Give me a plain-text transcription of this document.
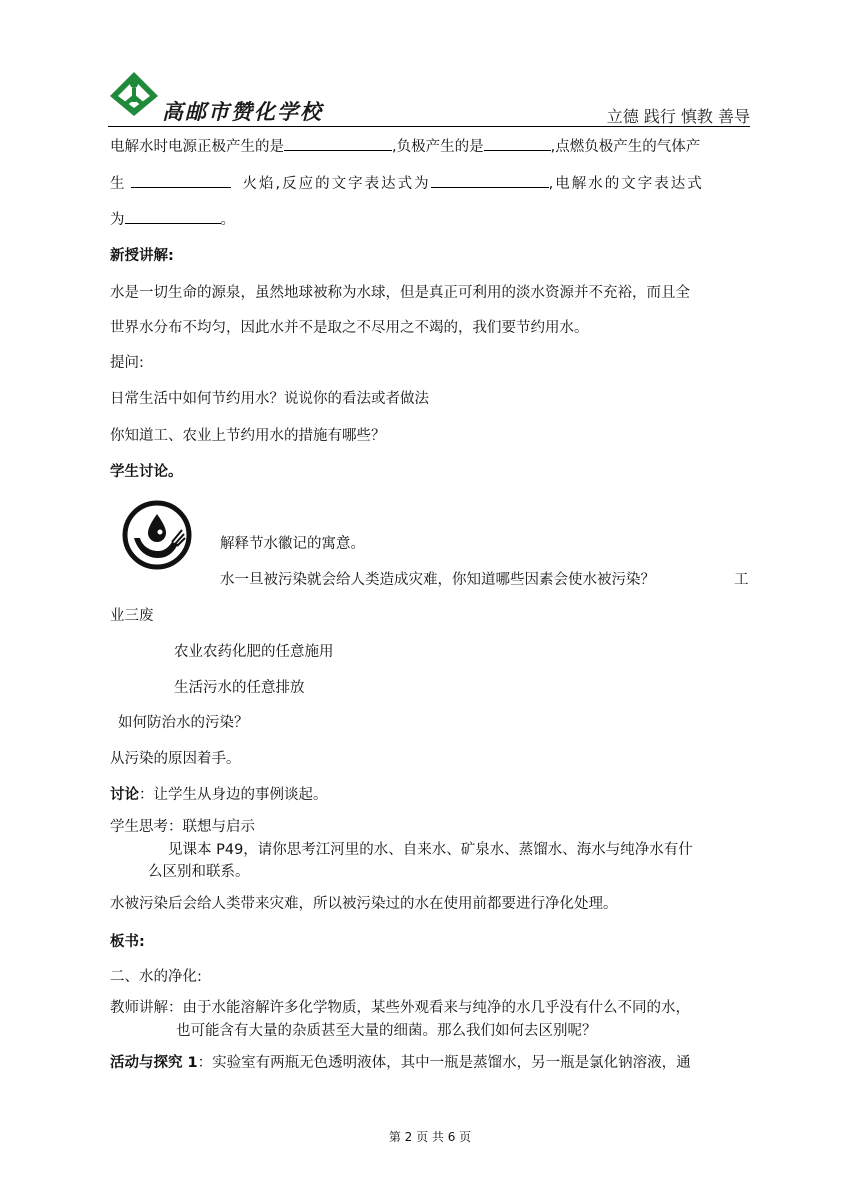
高邮市赞化学校	立德 践行 慎教 善导
电解水时电源正极产生的是	,负极产生的是	,点燃负极产生的气体产
生	火焰,反应的文字表达式为	,电解水的文字表达式
为	。
新授讲解:
水是一切生命的源泉，虽然地球被称为水球，但是真正可利用的淡水资源并不充裕，而且全
世界水分布不均匀，因此水并不是取之不尽用之不竭的，我们要节约用水。
提问:
日常生活中如何节约用水？说说你的看法或者做法
你知道工、农业上节约用水的措施有哪些？
学生讨论。
解释节水徽记的寓意。
水一旦被污染就会给人类造成灾难，你知道哪些因素会使水被污染？	工
业三废
农业农药化肥的任意施用
生活污水的任意排放
如何防治水的污染？
从污染的原因着手。
讨论：让学生从身边的事例谈起。
学生思考：联想与启示
见课本 P49，请你思考江河里的水、自来水、矿泉水、蒸馏水、海水与纯净水有什
么区别和联系。
水被污染后会给人类带来灾难，所以被污染过的水在使用前都要进行净化处理。
板书:
二、水的净化:
教师讲解：由于水能溶解许多化学物质，某些外观看来与纯净的水几乎没有什么不同的水，
也可能含有大量的杂质甚至大量的细菌。那么我们如何去区别呢？
活动与探究 1：实验室有两瓶无色透明液体，其中一瓶是蒸馏水，另一瓶是氯化钠溶液，通
第 2 页 共 6 页
